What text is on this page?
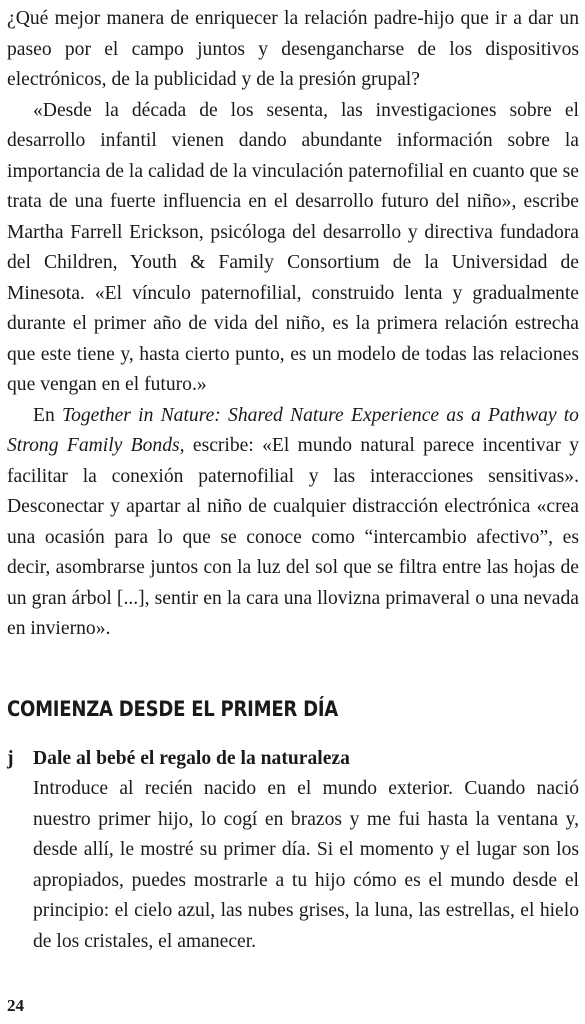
¿Qué mejor manera de enriquecer la relación padre-hijo que ir a dar un paseo por el campo juntos y desengancharse de los dispositivos electrónicos, de la publicidad y de la presión grupal?

«Desde la década de los sesenta, las investigaciones sobre el desarrollo infantil vienen dando abundante información sobre la importancia de la calidad de la vinculación paternofilial en cuanto que se trata de una fuerte influencia en el desarrollo futuro del niño», escribe Martha Farrell Erickson, psicóloga del desarrollo y directiva fundadora del Children, Youth & Family Consortium de la Universidad de Minesota. «El vínculo paternofilial, construido lenta y gradualmente durante el primer año de vida del niño, es la primera relación estrecha que este tiene y, hasta cierto punto, es un modelo de todas las relaciones que vengan en el futuro.»

En Together in Nature: Shared Nature Experience as a Pathway to Strong Family Bonds, escribe: «El mundo natural parece incentivar y facilitar la conexión paternofilial y las interacciones sensitivas». Desconectar y apartar al niño de cualquier distracción electrónica «crea una ocasión para lo que se conoce como “intercambio afectivo”, es decir, asombrarse juntos con la luz del sol que se filtra entre las hojas de un gran árbol [...], sentir en la cara una llovizna primaveral o una nevada en invierno».

COMIENZA DESDE EL PRIMER DÍA
j Dale al bebé el regalo de la naturaleza

Introduce al recién nacido en el mundo exterior. Cuando nació nuestro primer hijo, lo cogí en brazos y me fui hasta la ventana y, desde allí, le mostré su primer día. Si el momento y el lugar son los apropiados, puedes mostrarle a tu hijo cómo es el mundo desde el principio: el cielo azul, las nubes grises, la luna, las estrellas, el hielo de los cristales, el amanecer.

24
